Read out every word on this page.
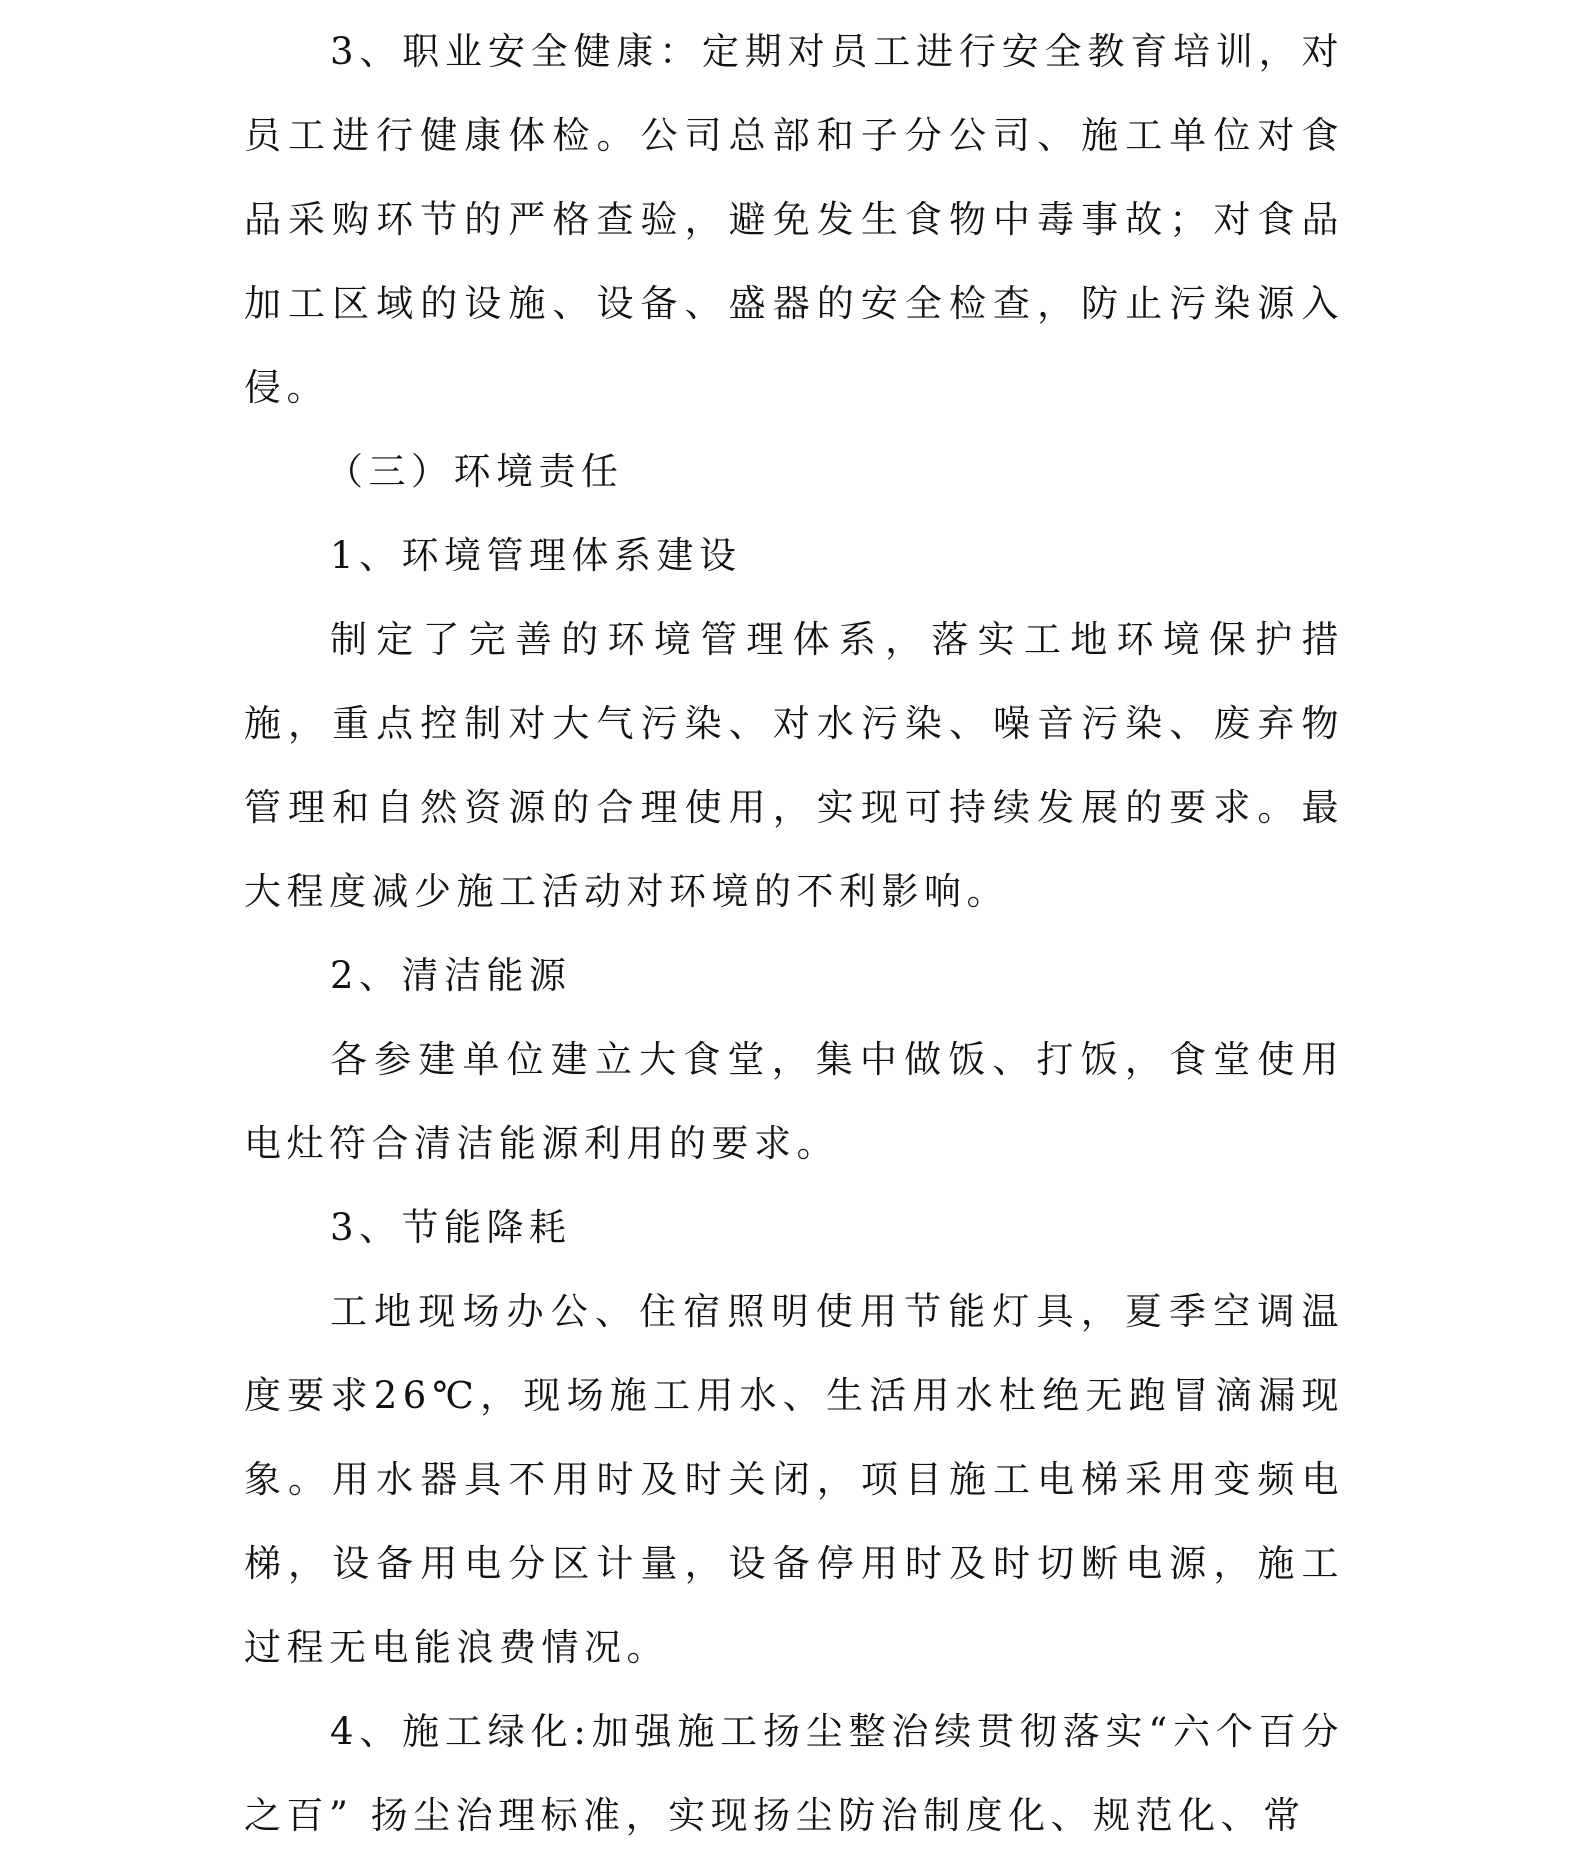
3、职业安全健康：定期对员工进行安全教育培训，对员工进行健康体检。公司总部和子分公司、施工单位对食品采购环节的严格查验，避免发生食物中毒事故；对食品加工区域的设施、设备、盛器的安全检查，防止污染源入侵。

（三）环境责任

1、环境管理体系建设

制定了完善的环境管理体系，落实工地环境保护措施，重点控制对大气污染、对水污染、噪音污染、废弃物管理和自然资源的合理使用，实现可持续发展的要求。最大程度减少施工活动对环境的不利影响。

2、清洁能源

各参建单位建立大食堂，集中做饭、打饭，食堂使用电灶符合清洁能源利用的要求。

3、节能降耗

工地现场办公、住宿照明使用节能灯具，夏季空调温度要求26℃，现场施工用水、生活用水杜绝无跑冒滴漏现象。用水器具不用时及时关闭，项目施工电梯采用变频电梯，设备用电分区计量，设备停用时及时切断电源，施工过程无电能浪费情况。

4、施工绿化:加强施工扬尘整治续贯彻落实“六个百分之百” 扬尘治理标准，实现扬尘防治制度化、规范化、常
